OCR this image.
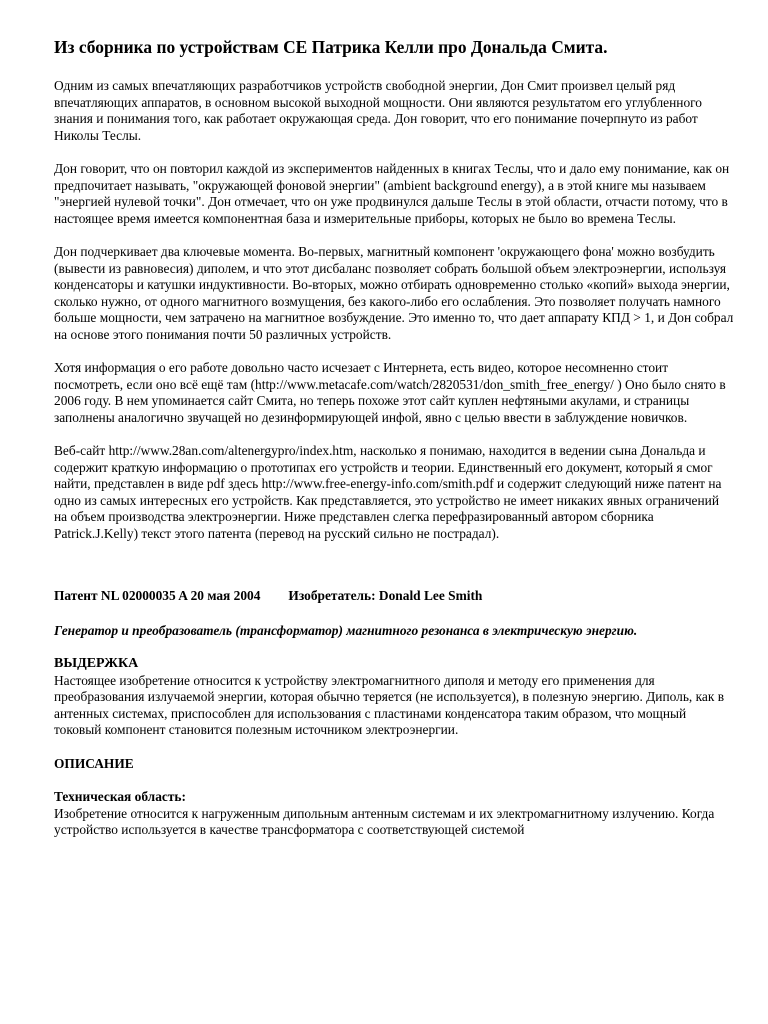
Из сборника по устройствам СЕ Патрика Келли про Дональда Смита.

Одним из самых впечатляющих разработчиков устройств свободной энергии, Дон Смит произвел целый ряд впечатляющих аппаратов, в основном высокой выходной мощности. Они являются результатом его углубленного знания и понимания того, как работает окружающая среда. Дон говорит, что его понимание почерпнуто из работ Николы Теслы.

Дон говорит, что он повторил каждой из экспериментов найденных в книгах Теслы, что и дало ему понимание, как он предпочитает называть, "окружающей фоновой энергии" (ambient background energy), а в этой книге мы называем "энергией нулевой точки". Дон отмечает, что он уже продвинулся дальше Теслы в этой области, отчасти потому, что в настоящее время имеется компонентная база и измерительные приборы, которых не было во времена Теслы.

Дон подчеркивает два ключевые момента. Во-первых, магнитный компонент 'окружающего фона' можно возбудить (вывести из равновесия) диполем, и что этот дисбаланс позволяет собрать большой объем электроэнергии, используя конденсаторы и катушки индуктивности. Во-вторых, можно отбирать одновременно столько «копий» выхода энергии, сколько нужно, от одного магнитного возмущения, без какого-либо его ослабления. Это позволяет получать намного больше мощности, чем затрачено на магнитное возбуждение. Это именно то, что дает аппарату КПД > 1, и Дон собрал на основе этого понимания почти 50 различных устройств.

Хотя информация о его работе довольно часто исчезает с Интернета, есть видео, которое несомненно стоит посмотреть, если оно всё ещё там (http://www.metacafe.com/watch/2820531/don_smith_free_energy/ ) Оно было снято в 2006 году. В нем упоминается сайт Смита, но теперь похоже этот сайт куплен нефтяными акулами, и страницы заполнены аналогично звучащей но дезинформирующей инфой, явно с целью ввести в заблуждение новичков.

Веб-сайт http://www.28an.com/altenergypro/index.htm, насколько я понимаю, находится в ведении сына Дональда и содержит краткую информацию о прототипах его устройств и теории. Единственный его документ, который я смог найти, представлен в виде pdf здесь http://www.free-energy-info.com/smith.pdf и содержит следующий ниже патент на одно из самых интересных его устройств. Как представляется, это устройство не имеет никаких явных ограничений на объем производства электроэнергии. Ниже представлен слегка перефразированный автором сборника Patrick.J.Kelly) текст этого патента (перевод на русский сильно не пострадал).

Патент NL 02000035 A 20 мая 2004 Изобретатель: Donald Lee Smith
Генератор и преобразователь (трансформатор) магнитного резонанса в электрическую энергию.
ВЫДЕРЖКА

Настоящее изобретение относится к устройству электромагнитного диполя и методу его применения для преобразования излучаемой энергии, которая обычно теряется (не используется), в полезную энергию. Диполь, как в антенных системах, приспособлен для использования с пластинами конденсатора таким образом, что мощный токовый компонент становится полезным источником электроэнергии.

ОПИСАНИЕ
Техническая область:

Изобретение относится к нагруженным дипольным антенным системам и их электромагнитному излучению. Когда устройство используется в качестве трансформатора с соответствующей системой
